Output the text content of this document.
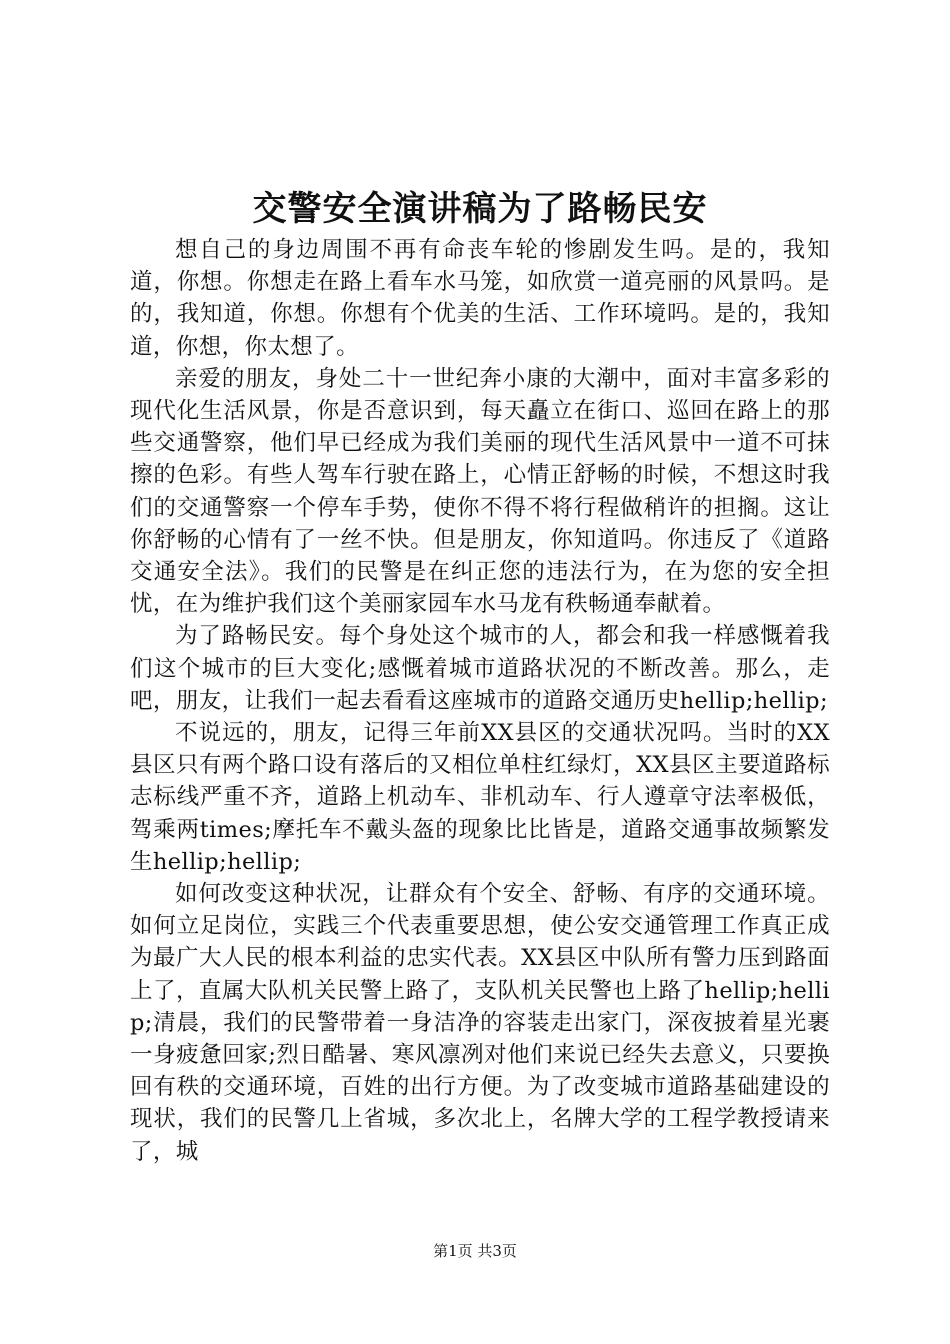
交警安全演讲稿为了路畅民安

想自己的身边周围不再有命丧车轮的惨剧发生吗。是的，我知道，你想。你想走在路上看车水马笼，如欣赏一道亮丽的风景吗。是的，我知道，你想。你想有个优美的生活、工作环境吗。是的，我知道，你想，你太想了。

亲爱的朋友，身处二十一世纪奔小康的大潮中，面对丰富多彩的现代化生活风景，你是否意识到，每天矗立在街口、巡回在路上的那些交通警察，他们早已经成为我们美丽的现代生活风景中一道不可抹擦的色彩。有些人驾车行驶在路上，心情正舒畅的时候，不想这时我们的交通警察一个停车手势，使你不得不将行程做稍许的担搁。这让你舒畅的心情有了一丝不快。但是朋友，你知道吗。你违反了《道路交通安全法》。我们的民警是在纠正您的违法行为，在为您的安全担忧，在为维护我们这个美丽家园车水马龙有秩畅通奉献着。

为了路畅民安。每个身处这个城市的人，都会和我一样感慨着我们这个城市的巨大变化;感慨着城市道路状况的不断改善。那么，走吧，朋友，让我们一起去看看这座城市的道路交通历史hellip;hellip;

不说远的，朋友，记得三年前XX县区的交通状况吗。当时的XX县区只有两个路口设有落后的又相位单柱红绿灯，XX县区主要道路标志标线严重不齐，道路上机动车、非机动车、行人遵章守法率极低，驾乘两times;摩托车不戴头盔的现象比比皆是，道路交通事故频繁发生hellip;hellip;

如何改变这种状况，让群众有个安全、舒畅、有序的交通环境。如何立足岗位，实践三个代表重要思想，使公安交通管理工作真正成为最广大人民的根本利益的忠实代表。XX县区中队所有警力压到路面上了，直属大队机关民警上路了，支队机关民警也上路了hellip;hellip;清晨，我们的民警带着一身洁净的容装走出家门，深夜披着星光裹一身疲惫回家;烈日酷暑、寒风凛冽对他们来说已经失去意义，只要换回有秩的交通环境，百姓的出行方便。为了改变城市道路基础建设的现状，我们的民警几上省城，多次北上，名牌大学的工程学教授请来了，城

第1页 共3页
